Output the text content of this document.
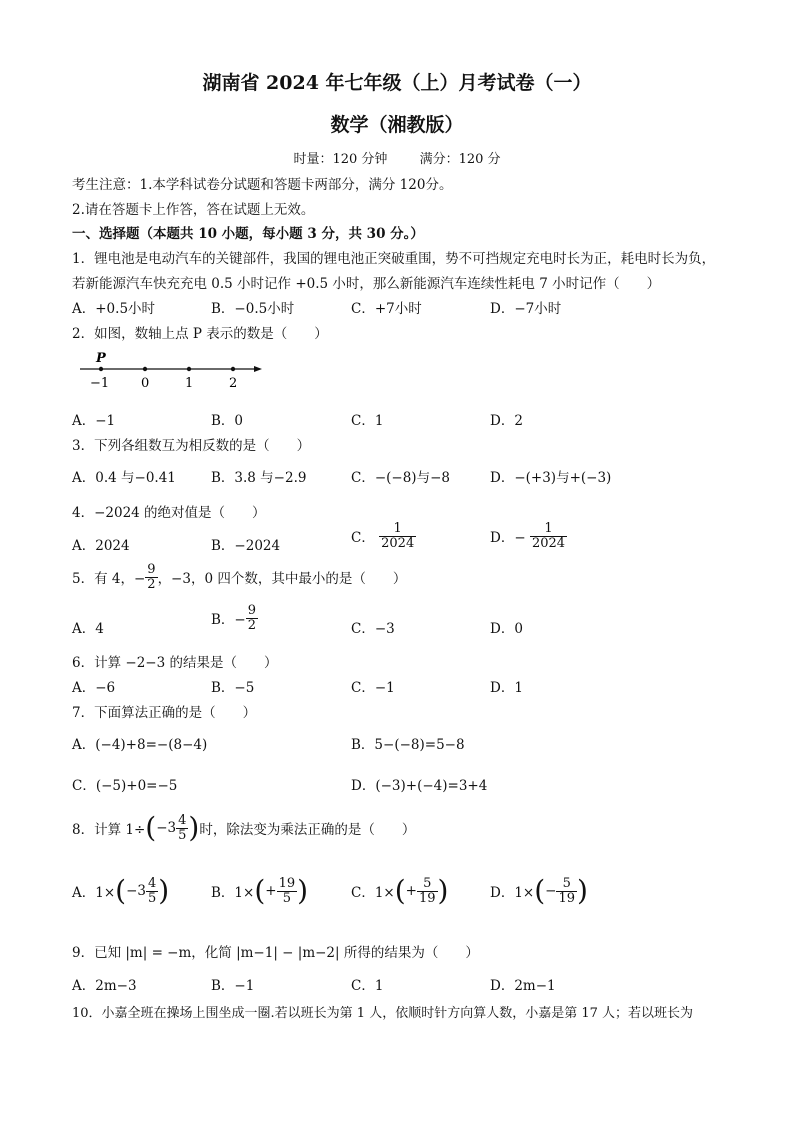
湖南省 2024 年七年级（上）月考试卷（一）
数学（湘教版）
时量：120 分钟 满分：120 分
考生注意：1.本学科试卷分试题和答题卡两部分，满分 120分。
2.请在答题卡上作答，答在试题上无效。
一、选择题（本题共 10 小题，每小题 3 分，共 30 分。）
1．锂电池是电动汽车的关键部件，我国的锂电池正突破重围，势不可挡规定充电时长为正，耗电时长为负，
若新能源汽车快充充电 0.5 小时记作 +0.5 小时，那么新能源汽车连续性耗电 7 小时记作（　　）
A．+0.5小时	B．−0.5小时	C．+7小时	D．−7小时
2．如图，数轴上点 P 表示的数是（　　）
P
−1 0	1	2
A．−1	B．0	C．1	D．2
3．下列各组数互为相反数的是（　　）
A．0.4 与−0.41	B．3.8 与−2.9	C．−(−8)与−8	D．−(+3)与+(−3)
4．−2024 的绝对值是（　　）
A．2024	B．−2024	C． $\frac{1}{2024}$	D．− $\frac{1}{2024}$
5．有 4，− $\frac{9}{2}$ ，−3，0 四个数，其中最小的是（　　）
A．4
B．− $\frac{9}{2}$	C．−3	D．0
6．计算 −2−3 的结果是（　　）
A．−6	B．−5	C．−1	D．1
7．下面算法正确的是（　　）
A．(−4)+8=−(8−4)	B．5−(−8)=5−8
C．(−5)+0=−5	D．(−3)+(−4)=3+4
8．计算 $1\div(-3 \frac{4}{5}$ )时，除法变为乘法正确的是（　　）
A．$1\times(-3 \frac{4}{5}$ )	B．$1\times(+ \frac{19}{5}$ )	C．$1\times(+ \frac{5}{19}$ )	D．$1\times(- \frac{5}{19}$ )
9．已知 |m| = −m，化简 |m−1| − |m−2| 所得的结果为（　　）
A．2m−3	B．−1	C．1	D．2m−1
10．小嘉全班在操场上围坐成一圈.若以班长为第 1 人，依顺时针方向算人数，小嘉是第 17 人；若以班长为
